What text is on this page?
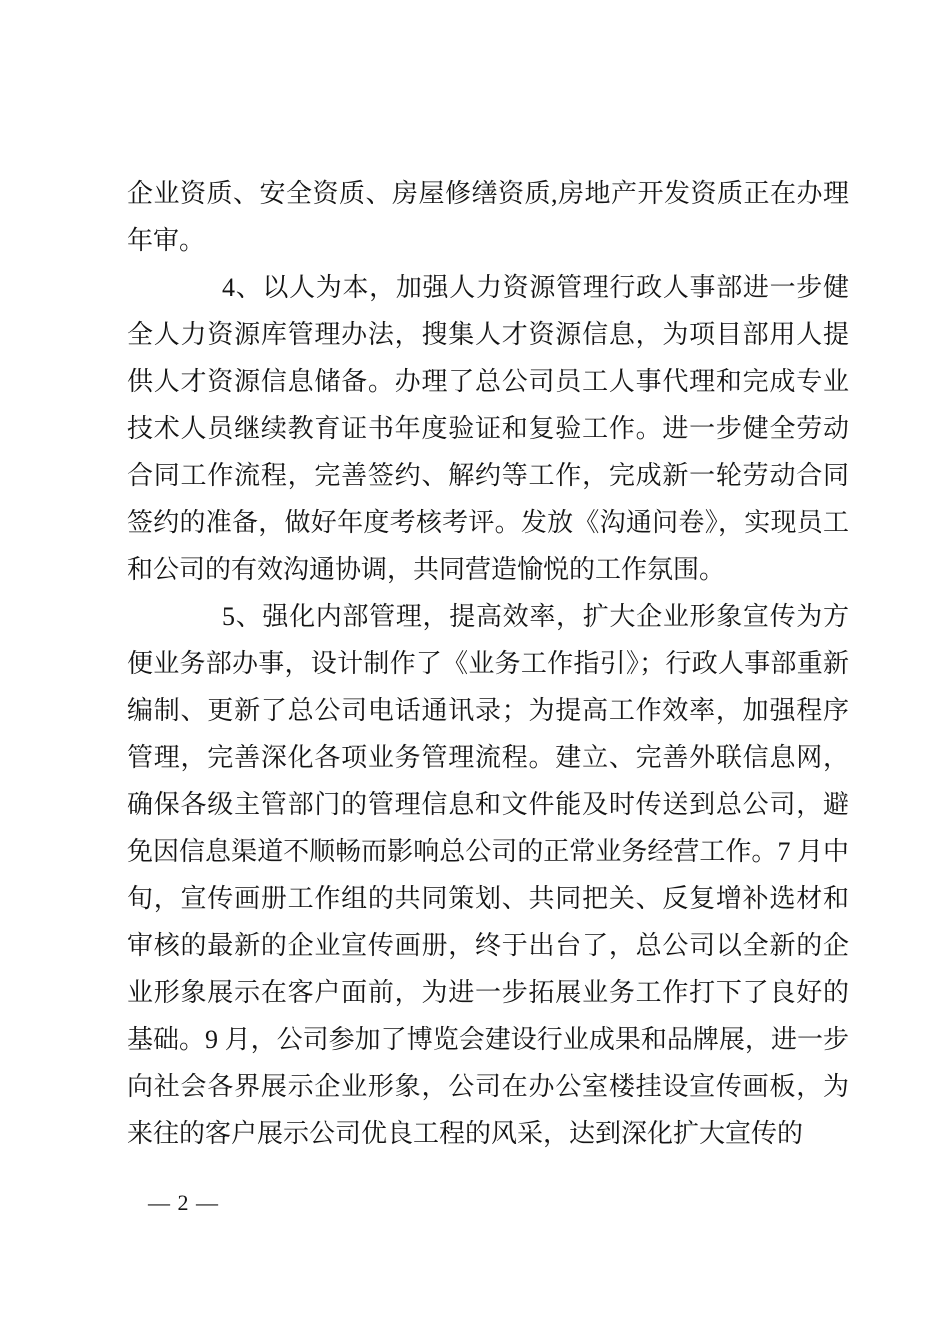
企业资质、安全资质、房屋修缮资质,房地产开发资质正在办理年审。

4、以人为本，加强人力资源管理行政人事部进一步健全人力资源库管理办法，搜集人才资源信息，为项目部用人提供人才资源信息储备。办理了总公司员工人事代理和完成专业技术人员继续教育证书年度验证和复验工作。进一步健全劳动合同工作流程，完善签约、解约等工作，完成新一轮劳动合同签约的准备，做好年度考核考评。发放《沟通问卷》，实现员工和公司的有效沟通协调，共同营造愉悦的工作氛围。

5、强化内部管理，提高效率，扩大企业形象宣传为方便业务部办事，设计制作了《业务工作指引》；行政人事部重新编制、更新了总公司电话通讯录；为提高工作效率，加强程序管理，完善深化各项业务管理流程。建立、完善外联信息网，确保各级主管部门的管理信息和文件能及时传送到总公司，避免因信息渠道不顺畅而影响总公司的正常业务经营工作。7 月中旬，宣传画册工作组的共同策划、共同把关、反复增补选材和审核的最新的企业宣传画册，终于出台了，总公司以全新的企业形象展示在客户面前，为进一步拓展业务工作打下了良好的基础。9 月，公司参加了博览会建设行业成果和品牌展，进一步向社会各界展示企业形象，公司在办公室楼挂设宣传画板，为来往的客户展示公司优良工程的风采，达到深化扩大宣传的

— 2 —
